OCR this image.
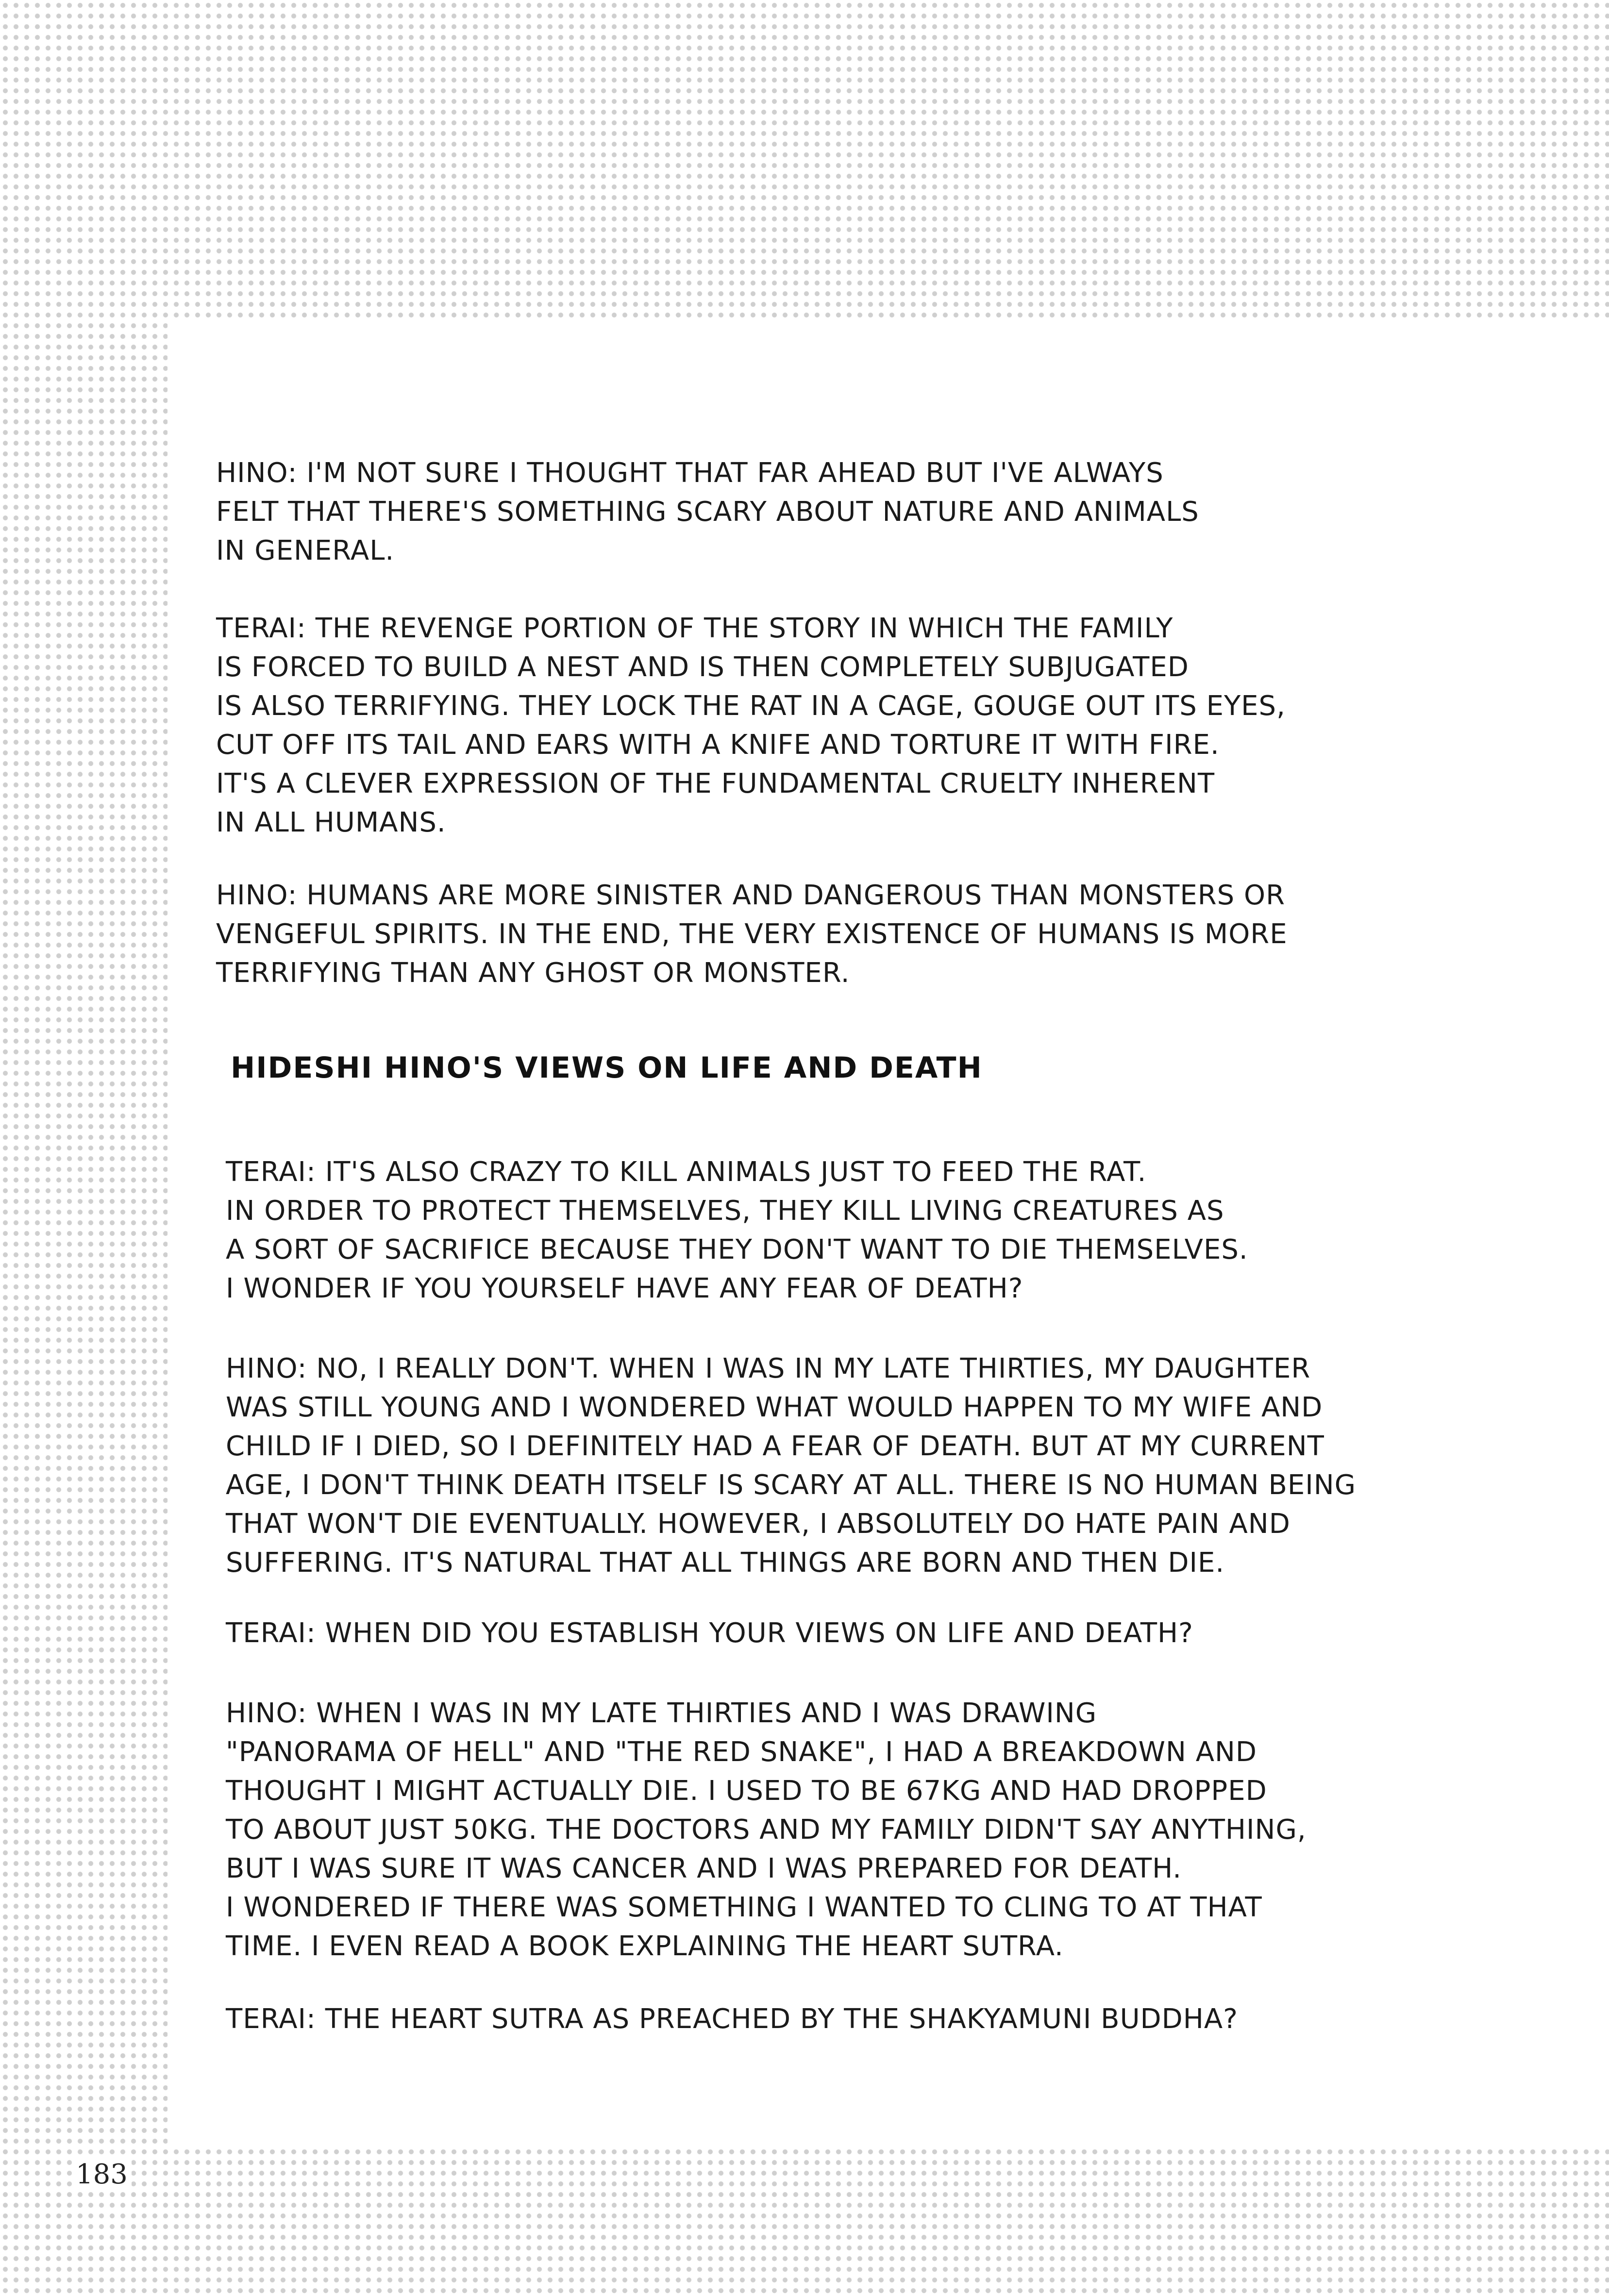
HINO: I'M NOT SURE I THOUGHT THAT FAR AHEAD BUT I'VE ALWAYS
FELT THAT THERE'S SOMETHING SCARY ABOUT NATURE AND ANIMALS
IN GENERAL.

TERAI: THE REVENGE PORTION OF THE STORY IN WHICH THE FAMILY
IS FORCED TO BUILD A NEST AND IS THEN COMPLETELY SUBJUGATED
IS ALSO TERRIFYING. THEY LOCK THE RAT IN A CAGE, GOUGE OUT ITS EYES,
CUT OFF ITS TAIL AND EARS WITH A KNIFE AND TORTURE IT WITH FIRE.
IT'S A CLEVER EXPRESSION OF THE FUNDAMENTAL CRUELTY INHERENT
IN ALL HUMANS.

HINO: HUMANS ARE MORE SINISTER AND DANGEROUS THAN MONSTERS OR
VENGEFUL SPIRITS. IN THE END, THE VERY EXISTENCE OF HUMANS IS MORE
TERRIFYING THAN ANY GHOST OR MONSTER.

HIDESHI HINO'S VIEWS ON LIFE AND DEATH

TERAI: IT'S ALSO CRAZY TO KILL ANIMALS JUST TO FEED THE RAT.
IN ORDER TO PROTECT THEMSELVES, THEY KILL LIVING CREATURES AS
A SORT OF SACRIFICE BECAUSE THEY DON'T WANT TO DIE THEMSELVES.
I WONDER IF YOU YOURSELF HAVE ANY FEAR OF DEATH?

HINO: NO, I REALLY DON'T. WHEN I WAS IN MY LATE THIRTIES, MY DAUGHTER
WAS STILL YOUNG AND I WONDERED WHAT WOULD HAPPEN TO MY WIFE AND
CHILD IF I DIED, SO I DEFINITELY HAD A FEAR OF DEATH. BUT AT MY CURRENT
AGE, I DON'T THINK DEATH ITSELF IS SCARY AT ALL. THERE IS NO HUMAN BEING
THAT WON'T DIE EVENTUALLY. HOWEVER, I ABSOLUTELY DO HATE PAIN AND
SUFFERING. IT'S NATURAL THAT ALL THINGS ARE BORN AND THEN DIE.

TERAI: WHEN DID YOU ESTABLISH YOUR VIEWS ON LIFE AND DEATH?

HINO: WHEN I WAS IN MY LATE THIRTIES AND I WAS DRAWING
"PANORAMA OF HELL" AND "THE RED SNAKE", I HAD A BREAKDOWN AND
THOUGHT I MIGHT ACTUALLY DIE. I USED TO BE 67KG AND HAD DROPPED
TO ABOUT JUST 50KG. THE DOCTORS AND MY FAMILY DIDN'T SAY ANYTHING,
BUT I WAS SURE IT WAS CANCER AND I WAS PREPARED FOR DEATH.
I WONDERED IF THERE WAS SOMETHING I WANTED TO CLING TO AT THAT
TIME. I EVEN READ A BOOK EXPLAINING THE HEART SUTRA.

TERAI: THE HEART SUTRA AS PREACHED BY THE SHAKYAMUNI BUDDHA?

183
